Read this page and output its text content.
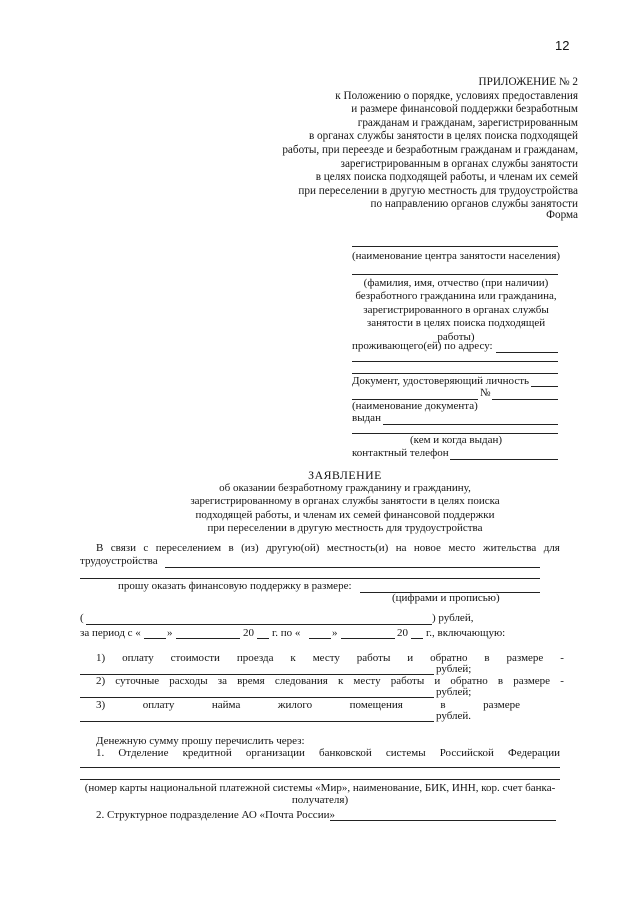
12
ПРИЛОЖЕНИЕ № 2
к Положению о порядке, условиях предоставления
и размере финансовой поддержки безработным
гражданам и гражданам, зарегистрированным
в органах службы занятости в целях поиска подходящей
работы, при переезде и безработным гражданам и гражданам,
зарегистрированным в органах службы занятости
в целях поиска подходящей работы, и членам их семей
при переселении в другую местность для трудоустройства
по направлению органов службы занятости
Форма
(наименование центра занятости населения)
(фамилия, имя, отчество (при наличии)
безработного гражданина или гражданина,
зарегистрированного в органах службы
занятости в целях поиска подходящей
работы)
проживающего(ей) по адресу:
Документ, удостоверяющий личность
№
(наименование документа)
выдан
(кем и когда выдан)
контактный телефон
ЗАЯВЛЕНИЕ
об оказании безработному гражданину и гражданину,
зарегистрированному в органах службы занятости в целях поиска
подходящей работы, и членам их семей финансовой поддержки
при переселении в другую местность для трудоустройства
В связи с переселением в (из) другую(ой) местность(и) на новое место жительства для
трудоустройства
прошу оказать финансовую поддержку в размере:
(цифрами и прописью)
(	) рублей,
за период с « »	20 г. по «	»	20 г., включающую:
1) оплату стоимости проезда к месту работы и обратно в размере -
рублей;
2) суточные расходы за время следования к месту работы и обратно в размере -
рублей;
3)	оплату	найма	жилого	помещения	в	размере
рублей.
Денежную сумму прошу перечислить через:
1. Отделение кредитной организации банковской системы Российской Федерации
(номер карты национальной платежной системы «Мир», наименование, БИК, ИНН, кор. счет банка-
получателя)
2. Структурное подразделение АО «Почта России»
